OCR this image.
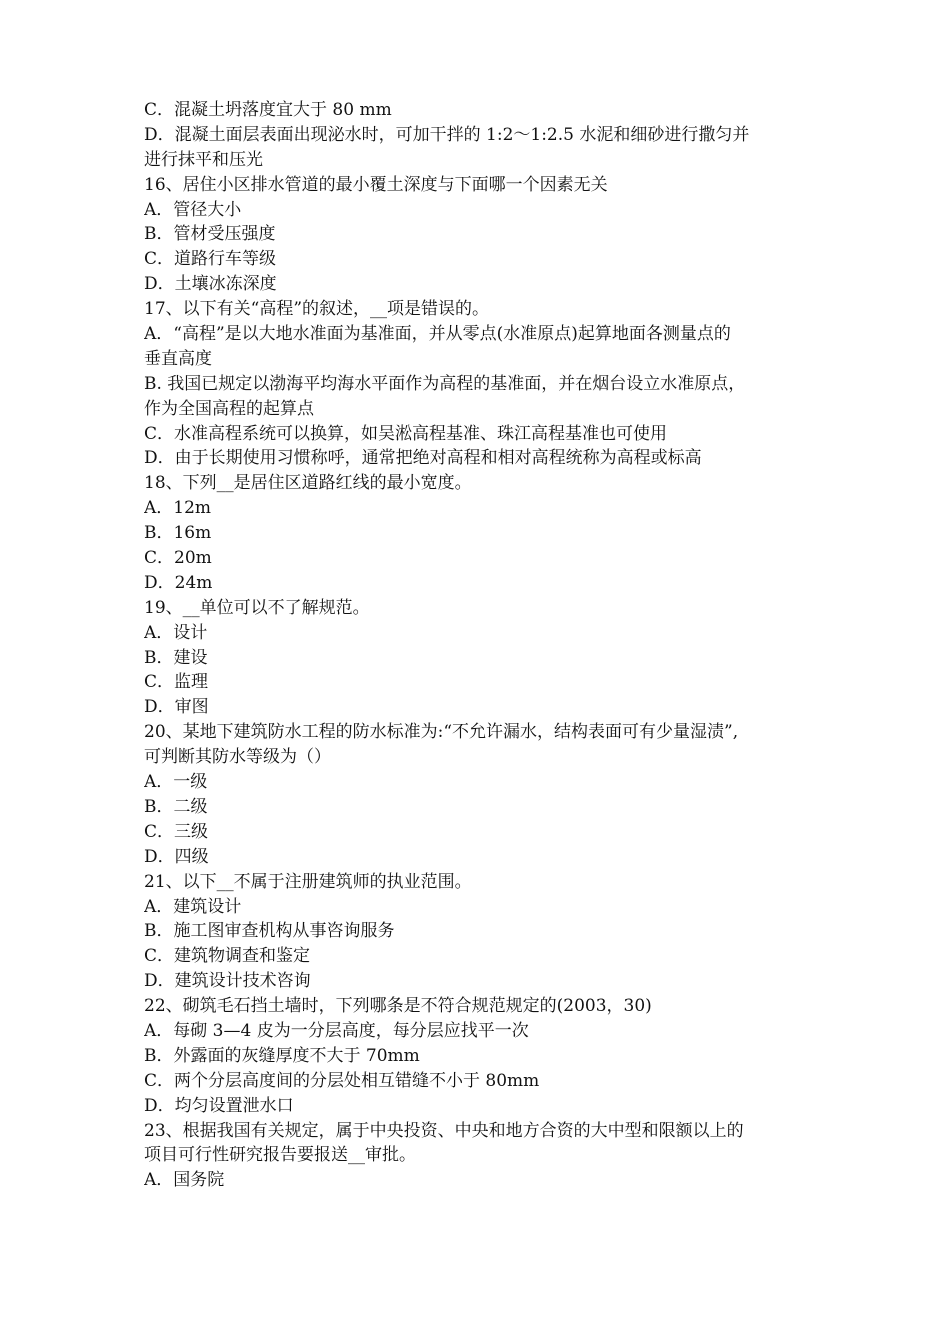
C．混凝土坍落度宜大于 80 mm
D．混凝土面层表面出现泌水时，可加干拌的 1:2～1:2.5 水泥和细砂进行撒匀并
进行抹平和压光
16、居住小区排水管道的最小覆土深度与下面哪一个因素无关
A．管径大小
B．管材受压强度
C．道路行车等级
D．土壤冰冻深度
17、以下有关“高程”的叙述，__项是错误的。
A．“高程”是以大地水准面为基准面，并从零点(水准原点)起算地面各测量点的
垂直高度
B. 我国已规定以渤海平均海水平面作为高程的基准面，并在烟台设立水准原点，
作为全国高程的起算点
C．水准高程系统可以换算，如吴淞高程基准、珠江高程基准也可使用
D．由于长期使用习惯称呼，通常把绝对高程和相对高程统称为高程或标高
18、下列__是居住区道路红线的最小宽度。
A．12m
B．16m
C．20m
D．24m
19、__单位可以不了解规范。
A．设计
B．建设
C．监理
D．审图
20、某地下建筑防水工程的防水标准为:“不允许漏水，结构表面可有少量湿渍”,
可判断其防水等级为（）
A．一级
B．二级
C．三级
D．四级
21、以下__不属于注册建筑师的执业范围。
A．建筑设计
B．施工图审查机构从事咨询服务
C．建筑物调查和鉴定
D．建筑设计技术咨询
22、砌筑毛石挡土墙时，下列哪条是不符合规范规定的(2003，30)
A．每砌 3—4 皮为一分层高度，每分层应找平一次
B．外露面的灰缝厚度不大于 70mm
C．两个分层高度间的分层处相互错缝不小于 80mm
D．均匀设置泄水口
23、根据我国有关规定，属于中央投资、中央和地方合资的大中型和限额以上的
项目可行性研究报告要报送__审批。
A．国务院
